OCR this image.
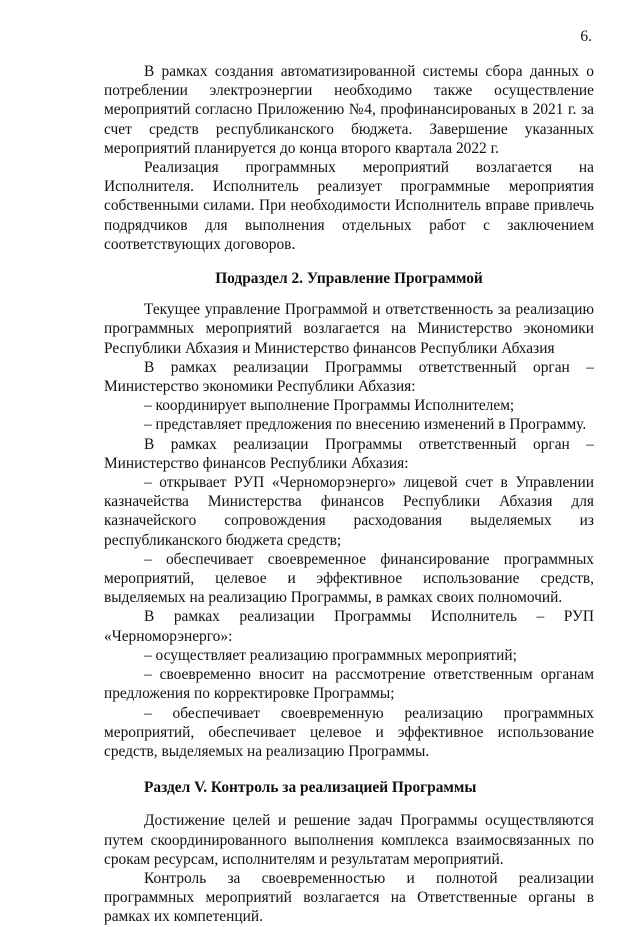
6.

В рамках создания автоматизированной системы сбора данных о потреблении электроэнергии необходимо также осуществление мероприятий согласно Приложению №4, профинансированых в 2021 г. за счет средств республиканского бюджета. Завершение указанных мероприятий планируется до конца второго квартала 2022 г.

Реализация программных мероприятий возлагается на Исполнителя. Исполнитель реализует программные мероприятия собственными силами. При необходимости Исполнитель вправе привлечь подрядчиков для выполнения отдельных работ с заключением соответствующих договоров.

Подраздел 2. Управление Программой

Текущее управление Программой и ответственность за реализацию программных мероприятий возлагается на Министерство экономики Республики Абхазия и Министерство финансов Республики Абхазия

В рамках реализации Программы ответственный орган – Министерство экономики Республики Абхазия:

– координирует выполнение Программы Исполнителем;

– представляет предложения по внесению изменений в Программу.

В рамках реализации Программы ответственный орган – Министерство финансов Республики Абхазия:

– открывает РУП «Черноморэнерго» лицевой счет в Управлении казначейства Министерства финансов Республики Абхазия для казначейского сопровождения расходования выделяемых из республиканского бюджета средств;

– обеспечивает своевременное финансирование программных мероприятий, целевое и эффективное использование средств, выделяемых на реализацию Программы, в рамках своих полномочий.

В рамках реализации Программы Исполнитель – РУП «Черноморэнерго»:

– осуществляет реализацию программных мероприятий;

– своевременно вносит на рассмотрение ответственным органам предложения по корректировке Программы;

– обеспечивает своевременную реализацию программных мероприятий, обеспечивает целевое и эффективное использование средств, выделяемых на реализацию Программы.

Раздел V. Контроль за реализацией Программы

Достижение целей и решение задач Программы осуществляются путем скоординированного выполнения комплекса взаимосвязанных по срокам ресурсам, исполнителям и результатам мероприятий.

Контроль за своевременностью и полнотой реализации программных мероприятий возлагается на Ответственные органы в рамках их компетенций.
